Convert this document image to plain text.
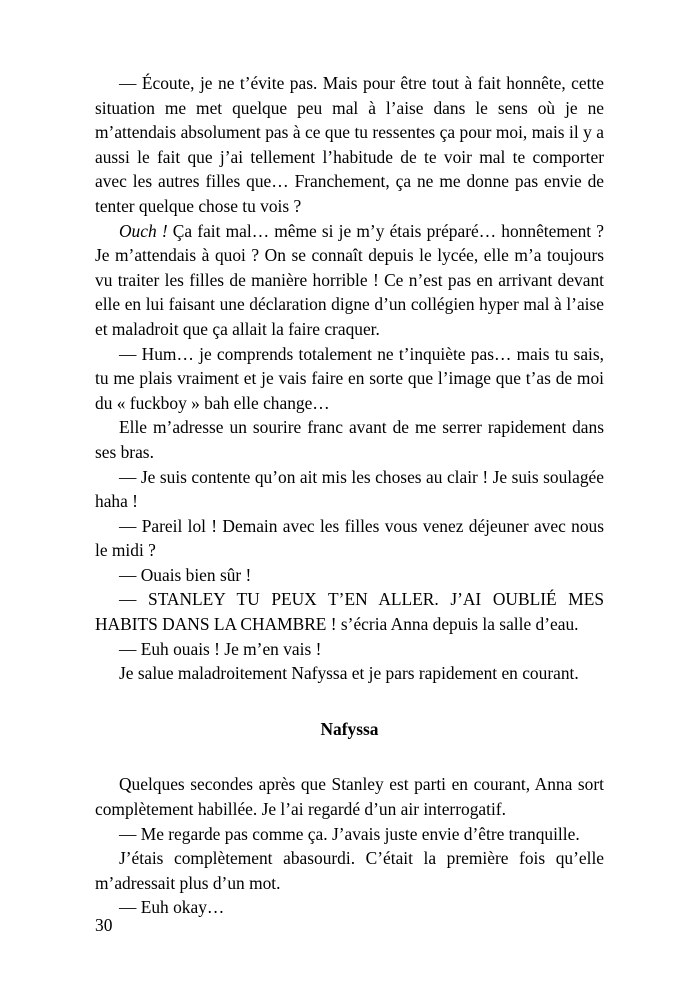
— Écoute, je ne t’évite pas. Mais pour être tout à fait honnête, cette situation me met quelque peu mal à l’aise dans le sens où je ne m’attendais absolument pas à ce que tu ressentes ça pour moi, mais il y a aussi le fait que j’ai tellement l’habitude de te voir mal te comporter avec les autres filles que… Franchement, ça ne me donne pas envie de tenter quelque chose tu vois ?

Ouch ! Ça fait mal… même si je m’y étais préparé… honnêtement ? Je m’attendais à quoi ? On se connaît depuis le lycée, elle m’a toujours vu traiter les filles de manière horrible ! Ce n’est pas en arrivant devant elle en lui faisant une déclaration digne d’un collégien hyper mal à l’aise et maladroit que ça allait la faire craquer.

— Hum… je comprends totalement ne t’inquiète pas… mais tu sais, tu me plais vraiment et je vais faire en sorte que l’image que t’as de moi du « fuckboy » bah elle change…

Elle m’adresse un sourire franc avant de me serrer rapidement dans ses bras.

— Je suis contente qu’on ait mis les choses au clair ! Je suis soulagée haha !

— Pareil lol ! Demain avec les filles vous venez déjeuner avec nous le midi ?

— Ouais bien sûr !

— STANLEY TU PEUX T’EN ALLER. J’AI OUBLIÉ MES HABITS DANS LA CHAMBRE ! s’écria Anna depuis la salle d’eau.

— Euh ouais ! Je m’en vais !

Je salue maladroitement Nafyssa et je pars rapidement en courant.

Nafyssa

Quelques secondes après que Stanley est parti en courant, Anna sort complètement habillée. Je l’ai regardé d’un air interrogatif.

— Me regarde pas comme ça. J’avais juste envie d’être tranquille.

J’étais complètement abasourdi. C’était la première fois qu’elle m’adressait plus d’un mot.

— Euh okay…

30
